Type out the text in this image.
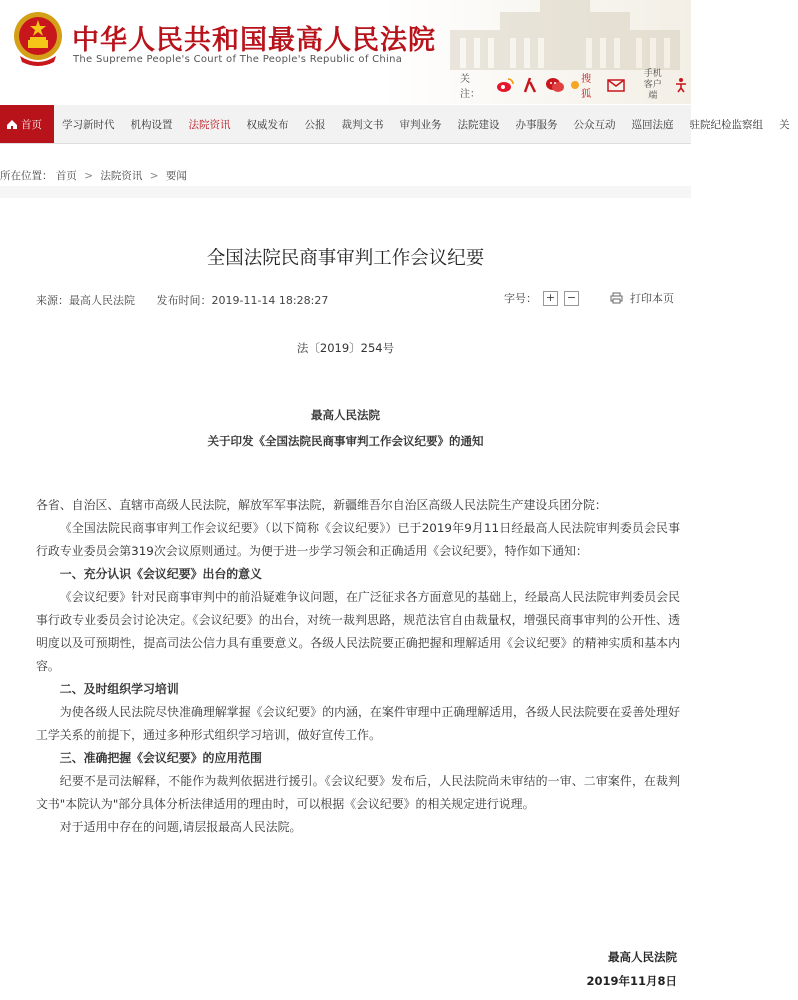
中华人民共和国最高人民法院
The Supreme People's Court of The People's Republic of China
关注：
搜狐
手机
客户端
首页	学习新时代	机构设置	法院资讯	权威发布	公报	裁判文书	审判业务	法院建设	办事服务	公众互动	巡回法庭	驻院纪检监察组	关
所在位置： 首页 > 法院资讯 > 要闻
全国法院民商事审判工作会议纪要
来源：最高人民法院 发布时间：2019-11-14 18:28:27	字号： + −	打印本页
法〔2019〕254号
最高人民法院
关于印发《全国法院民商事审判工作会议纪要》的通知

各省、自治区、直辖市高级人民法院，解放军军事法院，新疆维吾尔自治区高级人民法院生产建设兵团分院：

《全国法院民商事审判工作会议纪要》（以下简称《会议纪要》）已于2019年9月11日经最高人民法院审判委员会民事行政专业委员会第319次会议原则通过。为便于进一步学习领会和正确适用《会议纪要》，特作如下通知：

一、充分认识《会议纪要》出台的意义

《会议纪要》针对民商事审判中的前沿疑难争议问题，在广泛征求各方面意见的基础上，经最高人民法院审判委员会民事行政专业委员会讨论决定。《会议纪要》的出台，对统一裁判思路，规范法官自由裁量权，增强民商事审判的公开性、透明度以及可预期性，提高司法公信力具有重要意义。各级人民法院要正确把握和理解适用《会议纪要》的精神实质和基本内容。

二、及时组织学习培训

为使各级人民法院尽快准确理解掌握《会议纪要》的内涵，在案件审理中正确理解适用，各级人民法院要在妥善处理好工学关系的前提下，通过多种形式组织学习培训，做好宣传工作。

三、准确把握《会议纪要》的应用范围

纪要不是司法解释，不能作为裁判依据进行援引。《会议纪要》发布后，人民法院尚未审结的一审、二审案件，在裁判文书"本院认为"部分具体分析法律适用的理由时，可以根据《会议纪要》的相关规定进行说理。

对于适用中存在的问题,请层报最高人民法院。

最高人民法院
2019年11月8日
